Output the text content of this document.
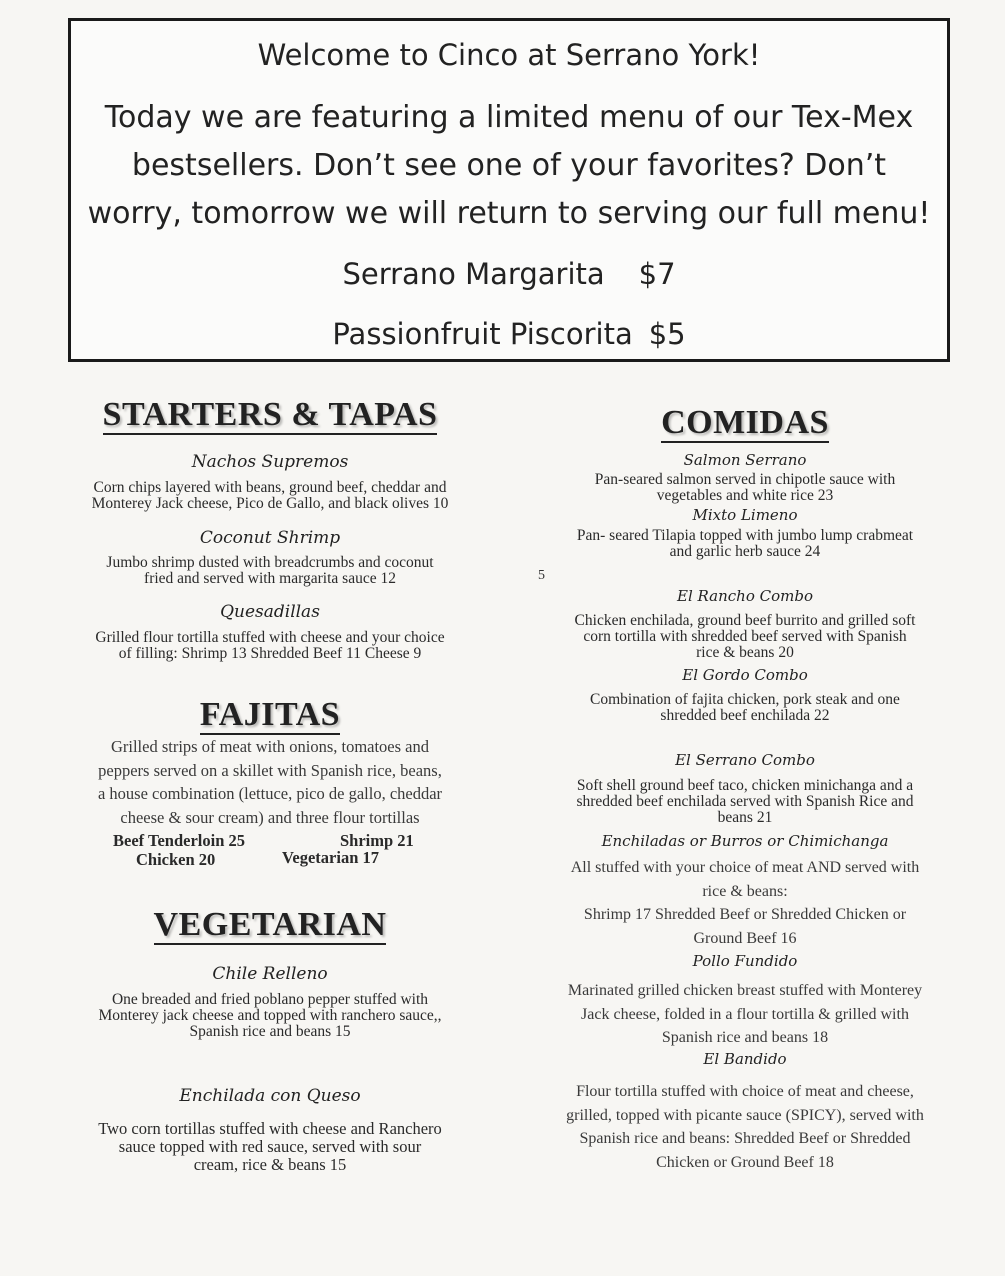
Welcome to Cinco at Serrano York!
Today we are featuring a limited menu of our Tex-Mex
bestsellers. Don’t see one of your favorites? Don’t
worry, tomorrow we will return to serving our full menu!
Serrano Margarita $7
Passionfruit Piscorita $5
STARTERS & TAPAS
Nachos Supremos
Corn chips layered with beans, ground beef, cheddar and
Monterey Jack cheese, Pico de Gallo, and black olives 10
Coconut Shrimp
Jumbo shrimp dusted with breadcrumbs and coconut
fried and served with margarita sauce 12
Quesadillas
Grilled flour tortilla stuffed with cheese and your choice
of filling: Shrimp 13 Shredded Beef 11 Cheese 9
FAJITAS
Grilled strips of meat with onions, tomatoes and
peppers served on a skillet with Spanish rice, beans,
a house combination (lettuce, pico de gallo, cheddar
cheese & sour cream) and three flour tortillas
Beef Tenderloin 25	Shrimp 21
Chicken 20	Vegetarian 17
VEGETARIAN
Chile Relleno
One breaded and fried poblano pepper stuffed with
Monterey jack cheese and topped with ranchero sauce,,
Spanish rice and beans 15
Enchilada con Queso
Two corn tortillas stuffed with cheese and Ranchero
sauce topped with red sauce, served with sour
cream, rice & beans 15
COMIDAS
Salmon Serrano
Pan-seared salmon served in chipotle sauce with
vegetables and white rice 23
Mixto Limeno
Pan- seared Tilapia topped with jumbo lump crabmeat
and garlic herb sauce 24
5
El Rancho Combo
Chicken enchilada, ground beef burrito and grilled soft
corn tortilla with shredded beef served with Spanish
rice & beans 20
El Gordo Combo
Combination of fajita chicken, pork steak and one
shredded beef enchilada 22
El Serrano Combo
Soft shell ground beef taco, chicken minichanga and a
shredded beef enchilada served with Spanish Rice and
beans 21
Enchiladas or Burros or Chimichanga
All stuffed with your choice of meat AND served with
rice & beans:
Shrimp 17 Shredded Beef or Shredded Chicken or
Ground Beef 16
Pollo Fundido
Marinated grilled chicken breast stuffed with Monterey
Jack cheese, folded in a flour tortilla & grilled with
Spanish rice and beans 18
El Bandido
Flour tortilla stuffed with choice of meat and cheese,
grilled, topped with picante sauce (SPICY), served with
Spanish rice and beans: Shredded Beef or Shredded
Chicken or Ground Beef 18
